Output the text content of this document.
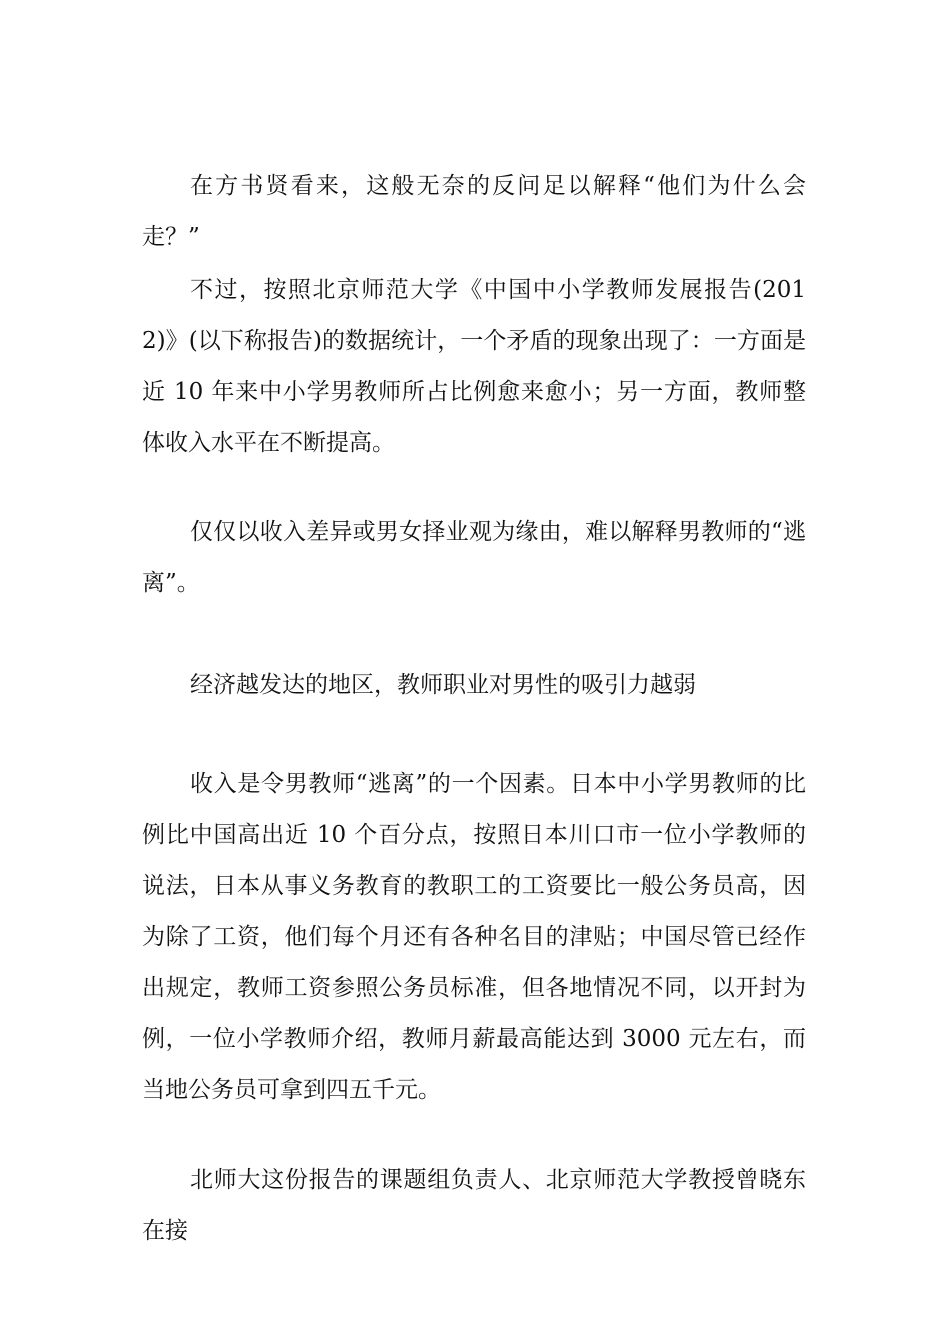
在方书贤看来，这般无奈的反问足以解释“他们为什么会走？”

不过，按照北京师范大学《中国中小学教师发展报告(2012)》(以下称报告)的数据统计，一个矛盾的现象出现了：一方面是近 10 年来中小学男教师所占比例愈来愈小；另一方面，教师整体收入水平在不断提高。

仅仅以收入差异或男女择业观为缘由，难以解释男教师的“逃离”。

经济越发达的地区，教师职业对男性的吸引力越弱

收入是令男教师“逃离”的一个因素。日本中小学男教师的比例比中国高出近 10 个百分点，按照日本川口市一位小学教师的说法，日本从事义务教育的教职工的工资要比一般公务员高，因为除了工资，他们每个月还有各种名目的津贴；中国尽管已经作出规定，教师工资参照公务员标准，但各地情况不同，以开封为例，一位小学教师介绍，教师月薪最高能达到 3000 元左右，而当地公务员可拿到四五千元。

北师大这份报告的课题组负责人、北京师范大学教授曾晓东在接
